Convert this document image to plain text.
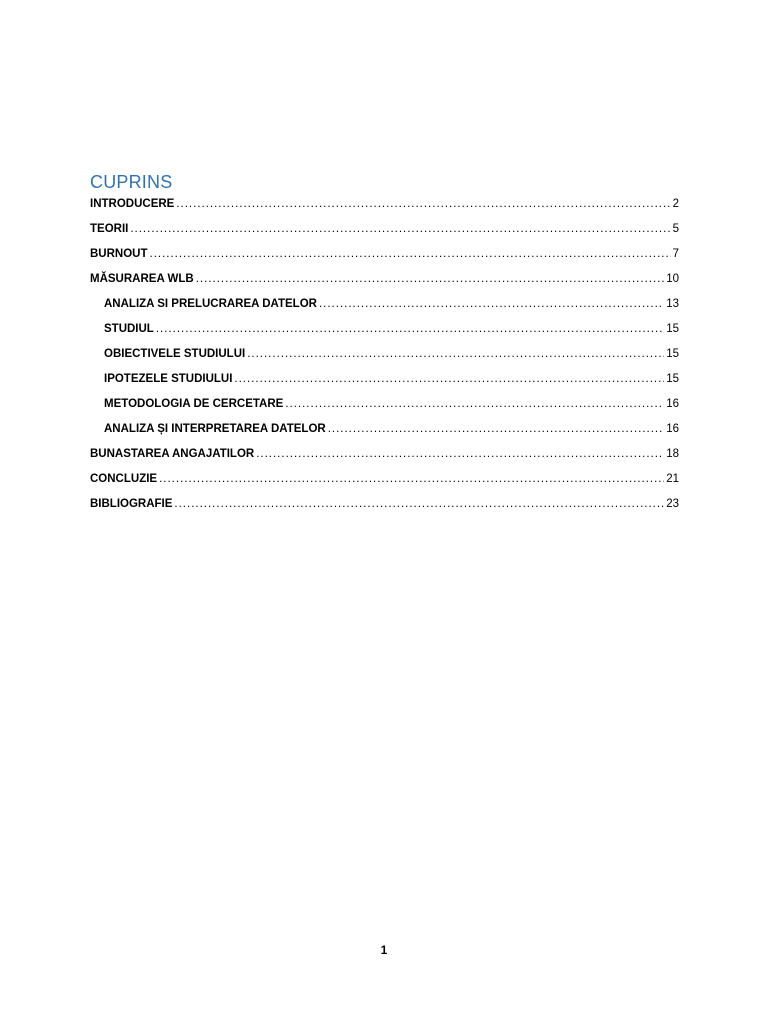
CUPRINS
INTRODUCERE .....	2
TEORII .....	5
BURNOUT .....	7
MĂSURAREA WLB .....	10
ANALIZA SI PRELUCRAREA DATELOR .....	13
STUDIUL .....	15
OBIECTIVELE STUDIULUI .....	15
IPOTEZELE STUDIULUI .....	15
METODOLOGIA DE CERCETARE .....	16
ANALIZA ȘI INTERPRETAREA DATELOR .....	16
BUNASTAREA ANGAJATILOR .....	18
CONCLUZIE .....	21
BIBLIOGRAFIE .....	23
1
